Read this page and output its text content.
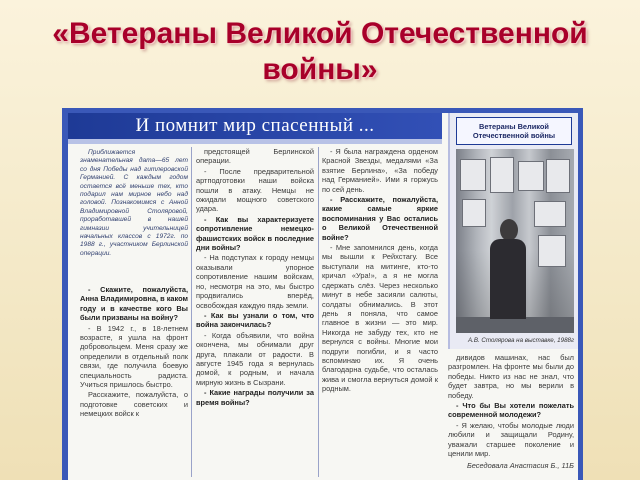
«Ветераны Великой Отечественной войны»
И помнит мир спасенный ...

Приближается знаменательная дата—65 лет со дня Победы над гитлеровской Германией. С каждым годом остается всё меньше тех, кто подарил нам мирное небо над головой. Познакомимся с Анной Владимировной Столяровой, проработавшей в нашей гимназии учительницей начальных классов с 1972г. по 1988 г., участником Берлинской операции.

- Скажите, пожалуйста, Анна Владимировна, в каком году и в качестве кого Вы были призваны на войну?

- В 1942 г., в 18-летнем возрасте, я ушла на фронт добровольцем. Меня сразу же определили в отдельный полк связи, где получила боевую специальность радиста. Учиться пришлось быстро.

Расскажите, пожалуйста, о подготовке советских и немецких войск к

предстоящей Берлинской операции.

- После предварительной артподготовки наши войска пошли в атаку. Немцы не ожидали мощного советского удара.

- Как вы характеризуете сопротивление немецко-фашистских войск в последние дни войны?

- На подступах к городу немцы оказывали упорное сопротивление нашим войскам, но, несмотря на это, мы быстро продвигались вперёд, освобождая каждую пядь земли.

- Как вы узнали о том, что война закончилась?

- Когда объявили, что война окончена, мы обнимали друг друга, плакали от радости. В августе 1945 года я вернулась домой, к родным, и начала мирную жизнь в Сызрани.

- Какие награды получили за время войны?

- Я была награждена орденом Красной Звезды, медалями «За взятие Берлина», «За победу над Германией». Ими я горжусь по сей день.

- Расскажите, пожалуйста, какие самые яркие воспоминания у Вас остались о Великой Отечественной войне?

- Мне запомнился день, когда мы вышли к Рейхстагу. Все выступали на митинге, кто-то кричал «Ура!», а я не могла сдержать слёз. Через несколько минут в небе засияли салюты, солдаты обнимались. В этот день я поняла, что самое главное в жизни — это мир. Никогда не забуду тех, кто не вернулся с войны. Многие мои подруги погибли, и я часто вспоминаю их. Я очень благодарна судьбе, что осталась жива и смогла вернуться домой к родным.

Ветераны Великой Отечественной войны
А.В. Столярова на выставке, 1988г

дивидов машинах, нас был разгромлен. На фронте мы были до победы. Никто из нас не знал, что будет завтра, но мы верили в победу.

- Что бы Вы хотели пожелать современной молодежи?

- Я желаю, чтобы молодые люди любили и защищали Родину, уважали старшее поколение и ценили мир.

Беседовала Анастасия Б., 11Б
